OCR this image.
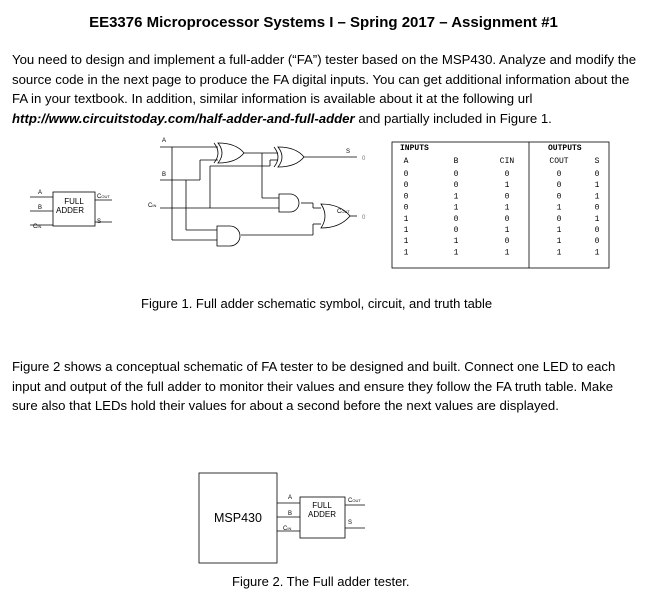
EE3376 Microprocessor Systems I – Spring 2017 – Assignment #1

You need to design and implement a full-adder (“FA”) tester based on the MSP430. Analyze and modify the source code in the next page to produce the FA digital inputs. You can get additional information about the FA in your textbook. In addition, similar information is available about it at the following url http://www.circuitstoday.com/half-adder-and-full-adder and partially included in Figure 1.

A
B
CIN
FULL
ADDER
COUT
S
A
B
CIN
S
COUT
0
0
INPUTS	OUTPUTS
A	B	CIN	COUT	S
0	0	0	0	0
0	0	1	0	1
0	1	0	0	1
0	1	1	1	0
1	0	0	0	1
1	0	1	1	0
1	1	0	1	0
1	1	1	1	1
MSP430
A
B
CIN
FULL
ADDER
COUT
S
Figure 1. Full adder schematic symbol, circuit, and truth table

Figure 2 shows a conceptual schematic of FA tester to be designed and built. Connect one LED to each input and output of the full adder to monitor their values and ensure they follow the FA truth table. Make sure also that LEDs hold their values for about a second before the next values are displayed.

Figure 2. The Full adder tester.
